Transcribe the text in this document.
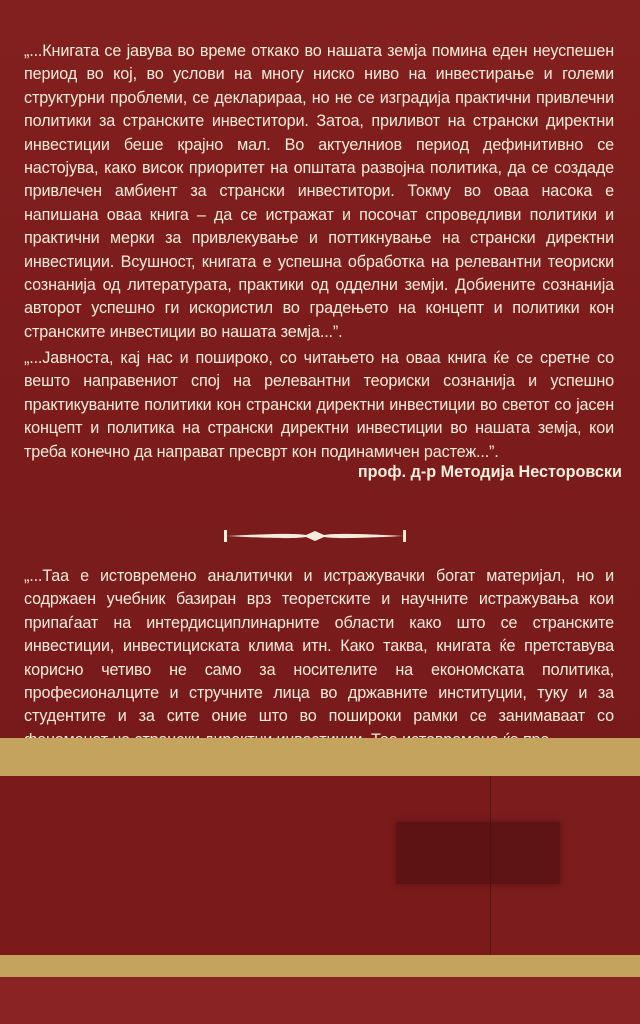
„...Книгата се јавува во време откако во нашата земја помина еден неуспешен период во кој, во услови на многу ниско ниво на инвестирање и големи структурни проблеми, се декларираа, но не се изградија практични привлечни политики за странските инвеститори. Затоа, приливот на странски директни инвестиции беше крајно мал. Во актуелниов период дефинитивно се настојува, како висок приоритет на општата развојна политика, да се создаде привлечен амбиент за странски инвеститори. Токму во оваа насока е напишана оваа книга – да се истражат и посочат спроведливи политики и практични мерки за привлекување и поттикнување на странски директни инвестиции. Всушност, книгата е успешна обработка на релевантни теориски сознанија од литературата, практики од одделни земји. Добиените сознанија авторот успешно ги искористил во градењето на концепт и политики кон странските инвестиции во нашата земја...”.
„...Јавноста, кај нас и пошироко, со читањето на оваа книга ќе се сретне со вешто направениот спој на релевантни теориски сознанија и успешно практикуваните политики кон странски директни инвестиции во светот со јасен концепт и политика на странски директни инвестиции во нашата земја, кои треба конечно да направат пресврт кон подинамичен растеж...”.
проф. д-р Методија Несторовски
„...Таа е истовремено аналитички и истражувачки богат материјал, но и содржаен учебник базиран врз теоретските и научните истражувања кои припаѓаат на интердисциплинарните области како што се странските инвестиции, инвестициската клима итн. Како таква, книгата ќе претставува корисно четиво не само за носителите на економската политика, професионалците и стручните лица во државните институции, туку и за студентите и за сите оние што во пошироки рамки се занимаваат со
